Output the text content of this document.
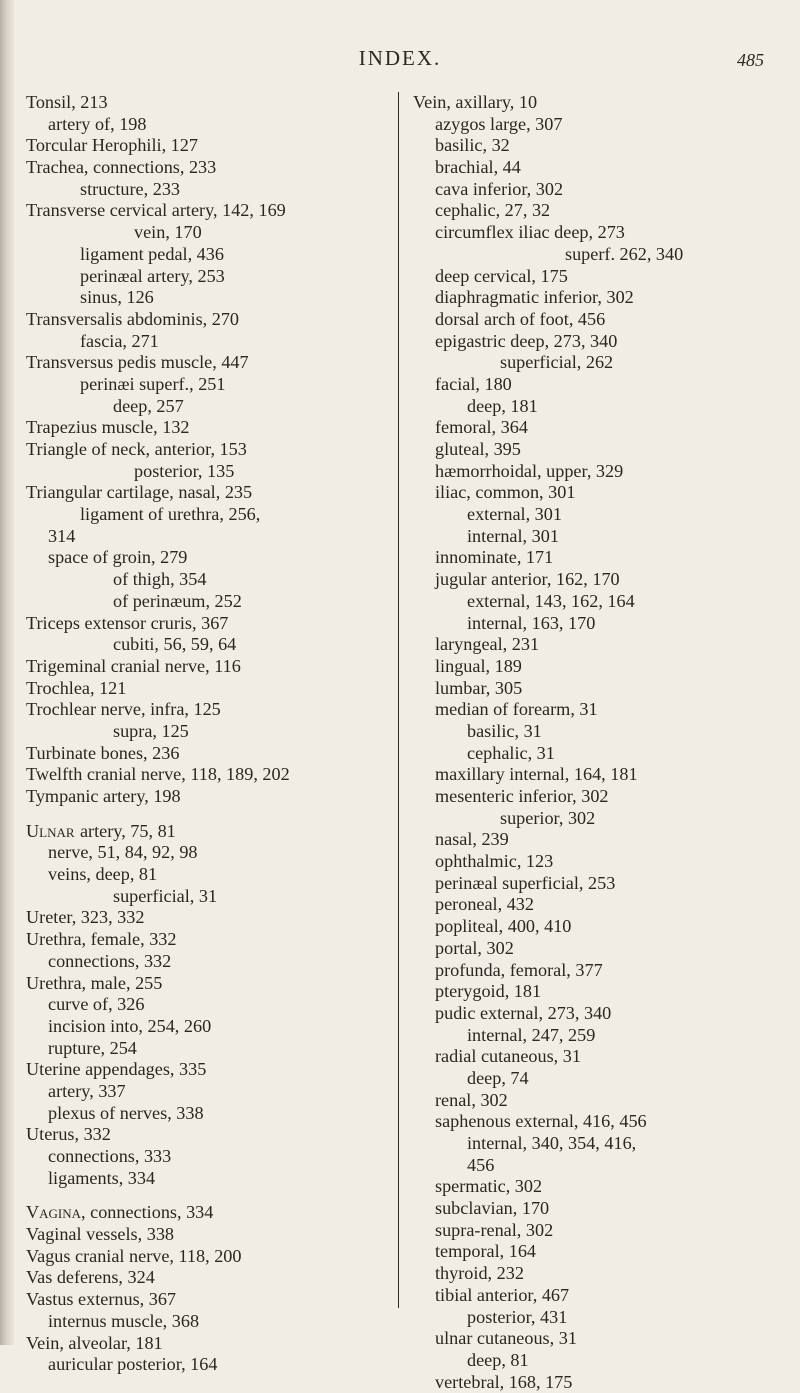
INDEX.	485
Tonsil, 213
artery of, 198
Torcular Herophili, 127
Trachea, connections, 233
structure, 233
Transverse cervical artery, 142, 169
vein, 170
ligament pedal, 436
perinæal artery, 253
sinus, 126
Transversalis abdominis, 270
fascia, 271
Transversus pedis muscle, 447
perinæi superf., 251
deep, 257
Trapezius muscle, 132
Triangle of neck, anterior, 153
posterior, 135
Triangular cartilage, nasal, 235
ligament of urethra, 256,
314
space of groin, 279
of thigh, 354
of perinæum, 252
Triceps extensor cruris, 367
cubiti, 56, 59, 64
Trigeminal cranial nerve, 116
Trochlea, 121
Trochlear nerve, infra, 125
supra, 125
Turbinate bones, 236
Twelfth cranial nerve, 118, 189, 202
Tympanic artery, 198
Ulnar artery, 75, 81
nerve, 51, 84, 92, 98
veins, deep, 81
superficial, 31
Ureter, 323, 332
Urethra, female, 332
connections, 332
Urethra, male, 255
curve of, 326
incision into, 254, 260
rupture, 254
Uterine appendages, 335
artery, 337
plexus of nerves, 338
Uterus, 332
connections, 333
ligaments, 334
Vagina, connections, 334
Vaginal vessels, 338
Vagus cranial nerve, 118, 200
Vas deferens, 324
Vastus externus, 367
internus muscle, 368
Vein, alveolar, 181
auricular posterior, 164
Vein, axillary, 10
azygos large, 307
basilic, 32
brachial, 44
cava inferior, 302
cephalic, 27, 32
circumflex iliac deep, 273
superf. 262, 340
deep cervical, 175
diaphragmatic inferior, 302
dorsal arch of foot, 456
epigastric deep, 273, 340
superficial, 262
facial, 180
deep, 181
femoral, 364
gluteal, 395
hæmorrhoidal, upper, 329
iliac, common, 301
external, 301
internal, 301
innominate, 171
jugular anterior, 162, 170
external, 143, 162, 164
internal, 163, 170
laryngeal, 231
lingual, 189
lumbar, 305
median of forearm, 31
basilic, 31
cephalic, 31
maxillary internal, 164, 181
mesenteric inferior, 302
superior, 302
nasal, 239
ophthalmic, 123
perinæal superficial, 253
peroneal, 432
popliteal, 400, 410
portal, 302
profunda, femoral, 377
pterygoid, 181
pudic external, 273, 340
internal, 247, 259
radial cutaneous, 31
deep, 74
renal, 302
saphenous external, 416, 456
internal, 340, 354, 416,
456
spermatic, 302
subclavian, 170
supra-renal, 302
temporal, 164
thyroid, 232
tibial anterior, 467
posterior, 431
ulnar cutaneous, 31
deep, 81
vertebral, 168, 175
